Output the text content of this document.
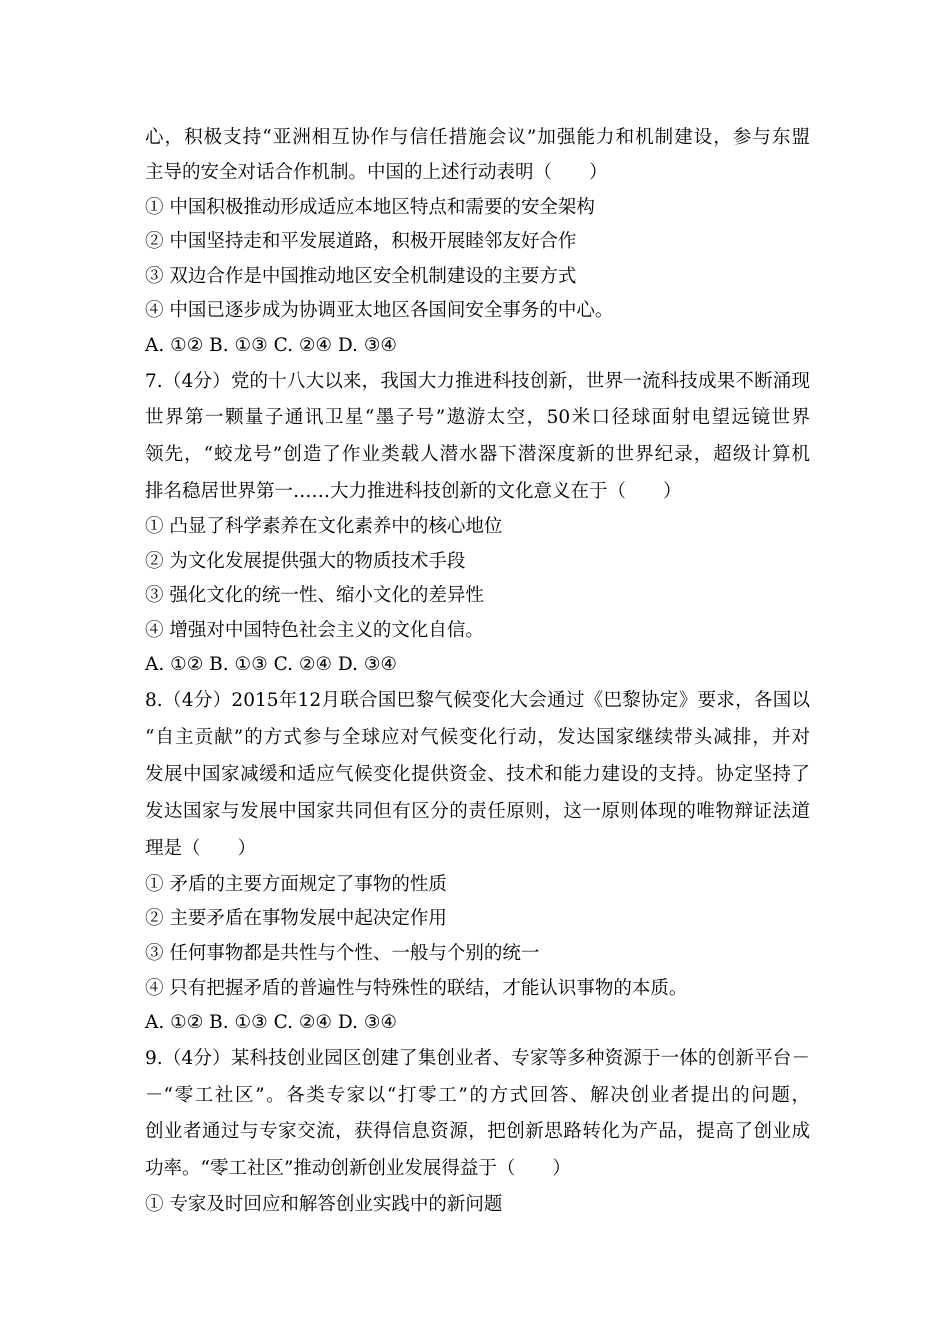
心，积极支持“亚洲相互协作与信任措施会议”加强能力和机制建设，参与东盟
主导的安全对话合作机制。中国的上述行动表明（　　）
① 中国积极推动形成适应本地区特点和需要的安全架构
② 中国坚持走和平发展道路，积极开展睦邻友好合作
③ 双边合作是中国推动地区安全机制建设的主要方式
④ 中国已逐步成为协调亚太地区各国间安全事务的中心。
A. ①② B. ①③ C. ②④ D. ③④
7.（4分）党的十八大以来，我国大力推进科技创新，世界一流科技成果不断涌现
世界第一颗量子通讯卫星“墨子号”遨游太空，50米口径球面射电望远镜世界
领先，“蛟龙号”创造了作业类载人潜水器下潜深度新的世界纪录，超级计算机
排名稳居世界第一……大力推进科技创新的文化意义在于（　　）
① 凸显了科学素养在文化素养中的核心地位
② 为文化发展提供强大的物质技术手段
③ 强化文化的统一性、缩小文化的差异性
④ 增强对中国特色社会主义的文化自信。
A. ①② B. ①③ C. ②④ D. ③④
8.（4分）2015年12月联合国巴黎气候变化大会通过《巴黎协定》要求，各国以
“自主贡献”的方式参与全球应对气候变化行动，发达国家继续带头减排，并对
发展中国家减缓和适应气候变化提供资金、技术和能力建设的支持。协定坚持了
发达国家与发展中国家共同但有区分的责任原则，这一原则体现的唯物辩证法道
理是（　　）
① 矛盾的主要方面规定了事物的性质
② 主要矛盾在事物发展中起决定作用
③ 任何事物都是共性与个性、一般与个别的统一
④ 只有把握矛盾的普遍性与特殊性的联结，才能认识事物的本质。
A. ①② B. ①③ C. ②④ D. ③④
9.（4分）某科技创业园区创建了集创业者、专家等多种资源于一体的创新平台－
－“零工社区”。各类专家以“打零工”的方式回答、解决创业者提出的问题，
创业者通过与专家交流，获得信息资源，把创新思路转化为产品，提高了创业成
功率。“零工社区”推动创新创业发展得益于（　　）
① 专家及时回应和解答创业实践中的新问题
